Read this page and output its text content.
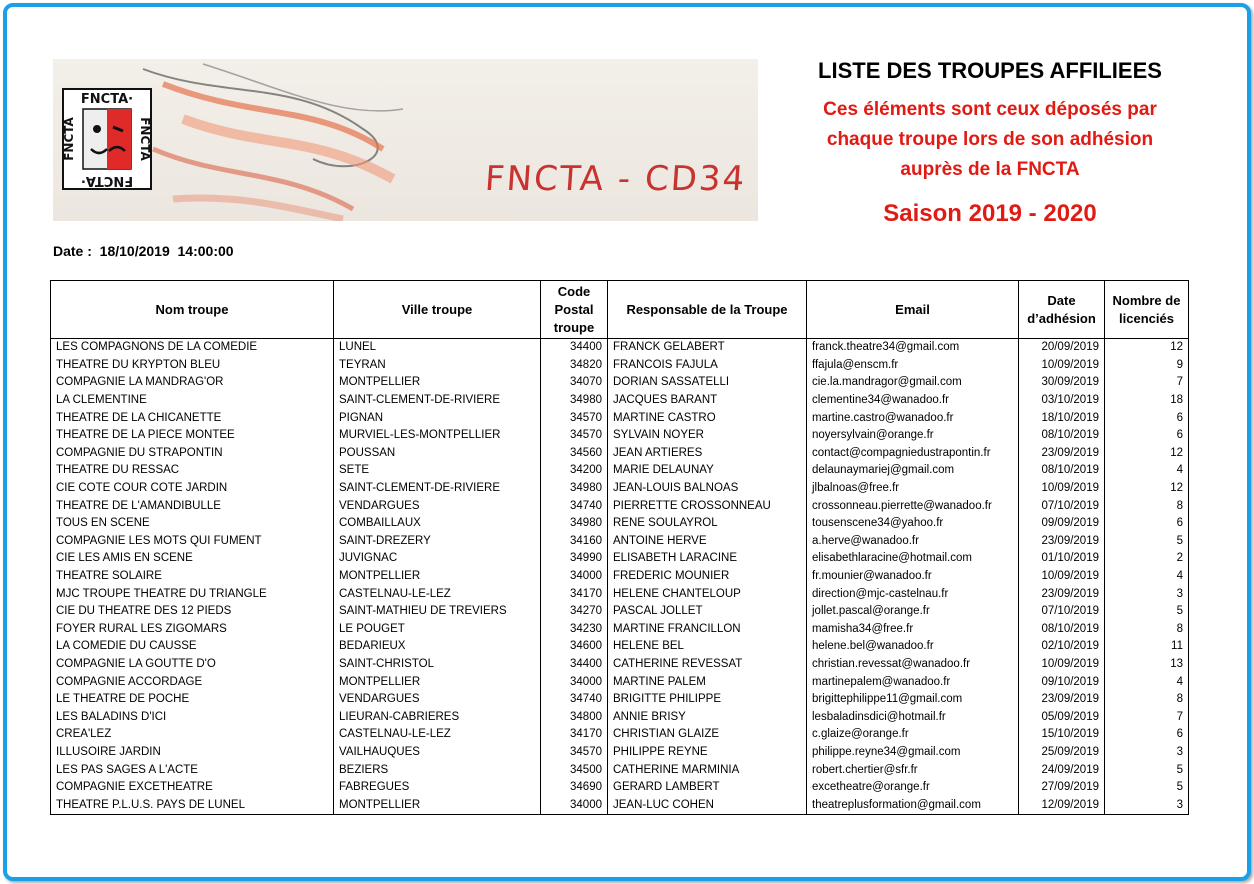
FNCTA·
FNCTA·
FNCTA	FNCTA
FNCTA - CD34
LISTE DES TROUPES AFFILIEES
Ces éléments sont ceux déposés par
chaque troupe lors de son adhésion
auprès de la FNCTA
Saison 2019 - 2020
Date :  18/10/2019  14:00:00
Nom troupe	Ville troupe	Code Postal troupe	Responsable de la Troupe	Email	Date d’adhésion	Nombre de licenciés
LES COMPAGNONS DE LA COMEDIE	LUNEL	34400	FRANCK GELABERT	franck.theatre34@gmail.com	20/09/2019	12
THEATRE DU KRYPTON BLEU	TEYRAN	34820	FRANCOIS FAJULA	ffajula@enscm.fr	10/09/2019	9
COMPAGNIE LA MANDRAG'OR	MONTPELLIER	34070	DORIAN SASSATELLI	cie.la.mandragor@gmail.com	30/09/2019	7
LA CLEMENTINE	SAINT-CLEMENT-DE-RIVIERE	34980	JACQUES BARANT	clementine34@wanadoo.fr	03/10/2019	18
THEATRE DE LA CHICANETTE	PIGNAN	34570	MARTINE CASTRO	martine.castro@wanadoo.fr	18/10/2019	6
THEATRE DE LA PIECE MONTEE	MURVIEL-LES-MONTPELLIER	34570	SYLVAIN NOYER	noyersylvain@orange.fr	08/10/2019	6
COMPAGNIE DU STRAPONTIN	POUSSAN	34560	JEAN ARTIERES	contact@compagniedustrapontin.fr	23/09/2019	12
THEATRE DU RESSAC	SETE	34200	MARIE DELAUNAY	delaunaymariej@gmail.com	08/10/2019	4
CIE COTE COUR COTE JARDIN	SAINT-CLEMENT-DE-RIVIERE	34980	JEAN-LOUIS BALNOAS	jlbalnoas@free.fr	10/09/2019	12
THEATRE DE L'AMANDIBULLE	VENDARGUES	34740	PIERRETTE CROSSONNEAU	crossonneau.pierrette@wanadoo.fr	07/10/2019	8
TOUS EN SCENE	COMBAILLAUX	34980	RENE SOULAYROL	tousenscene34@yahoo.fr	09/09/2019	6
COMPAGNIE LES MOTS QUI FUMENT	SAINT-DREZERY	34160	ANTOINE HERVE	a.herve@wanadoo.fr	23/09/2019	5
CIE LES AMIS EN SCENE	JUVIGNAC	34990	ELISABETH LARACINE	elisabethlaracine@hotmail.com	01/10/2019	2
THEATRE SOLAIRE	MONTPELLIER	34000	FREDERIC MOUNIER	fr.mounier@wanadoo.fr	10/09/2019	4
MJC TROUPE THEATRE DU TRIANGLE	CASTELNAU-LE-LEZ	34170	HELENE CHANTELOUP	direction@mjc-castelnau.fr	23/09/2019	3
CIE DU THEATRE DES 12 PIEDS	SAINT-MATHIEU DE TREVIERS	34270	PASCAL JOLLET	jollet.pascal@orange.fr	07/10/2019	5
FOYER RURAL LES ZIGOMARS	LE POUGET	34230	MARTINE FRANCILLON	mamisha34@free.fr	08/10/2019	8
LA COMEDIE DU CAUSSE	BEDARIEUX	34600	HELENE BEL	helene.bel@wanadoo.fr	02/10/2019	11
COMPAGNIE LA GOUTTE D'O	SAINT-CHRISTOL	34400	CATHERINE REVESSAT	christian.revessat@wanadoo.fr	10/09/2019	13
COMPAGNIE ACCORDAGE	MONTPELLIER	34000	MARTINE PALEM	martinepalem@wanadoo.fr	09/10/2019	4
LE THEATRE DE POCHE	VENDARGUES	34740	BRIGITTE PHILIPPE	brigittephilippe11@gmail.com	23/09/2019	8
LES BALADINS D'ICI	LIEURAN-CABRIERES	34800	ANNIE BRISY	lesbaladinsdici@hotmail.fr	05/09/2019	7
CREA'LEZ	CASTELNAU-LE-LEZ	34170	CHRISTIAN GLAIZE	c.glaize@orange.fr	15/10/2019	6
ILLUSOIRE JARDIN	VAILHAUQUES	34570	PHILIPPE REYNE	philippe.reyne34@gmail.com	25/09/2019	3
LES PAS SAGES A L'ACTE	BEZIERS	34500	CATHERINE MARMINIA	robert.chertier@sfr.fr	24/09/2019	5
COMPAGNIE EXCETHEATRE	FABREGUES	34690	GERARD LAMBERT	excetheatre@orange.fr	27/09/2019	5
THEATRE P.L.U.S. PAYS DE LUNEL	MONTPELLIER	34000	JEAN-LUC COHEN	theatreplusformation@gmail.com	12/09/2019	3
